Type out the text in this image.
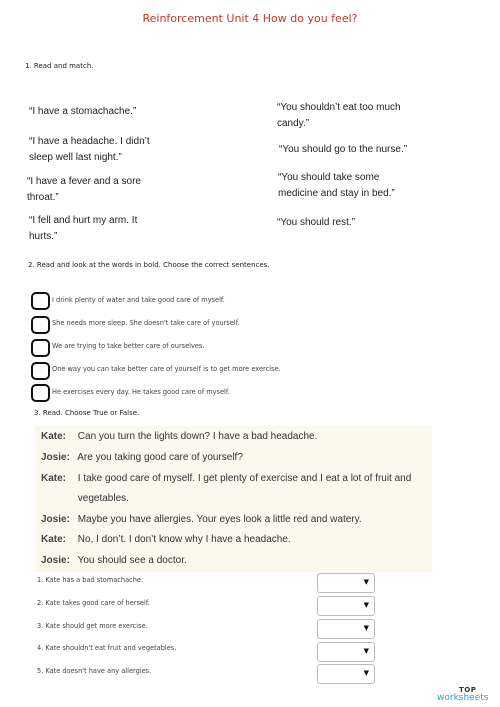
Reinforcement Unit 4 How do you feel?
1. Read and match.
“I have a stomachache.”
“I have a headache. I didn’t
sleep well last night.”
“I have a fever and a sore
throat.”
“I fell and hurt my arm. It
hurts.”
“You shouldn’t eat too much
candy.”
“You should go to the nurse.”
“You should take some
medicine and stay in bed.”
“You should rest.”
2. Read and look at the words in bold. Choose the correct sentences.
I drink plenty of water and take good care of myself.
She needs more sleep. She doesn't take care of yourself.
We are trying to take better care of ourselves.
One way you can take better care of yourself is to get more exercise.
He exercises every day. He takes good care of myself.
3. Read. Choose True or False.
Kate: Can you turn the lights down? I have a bad headache.
Josie: Are you taking good care of yourself?
Kate: I take good care of myself. I get plenty of exercise and I eat a lot of fruit and
vegetables.
Josie: Maybe you have allergies. Your eyes look a little red and watery.
Kate: No, I don’t. I don’t know why I have a headache.
Josie: You should see a doctor.
1. Kate has a bad stomachache.	▼
2. Kate takes good care of herself.	▼
3. Kate should get more exercise.	▼
4. Kate shouldn't eat fruit and vegetables.	▼
5. Kate doesn't have any allergies.	▼
TOP
worksheets
